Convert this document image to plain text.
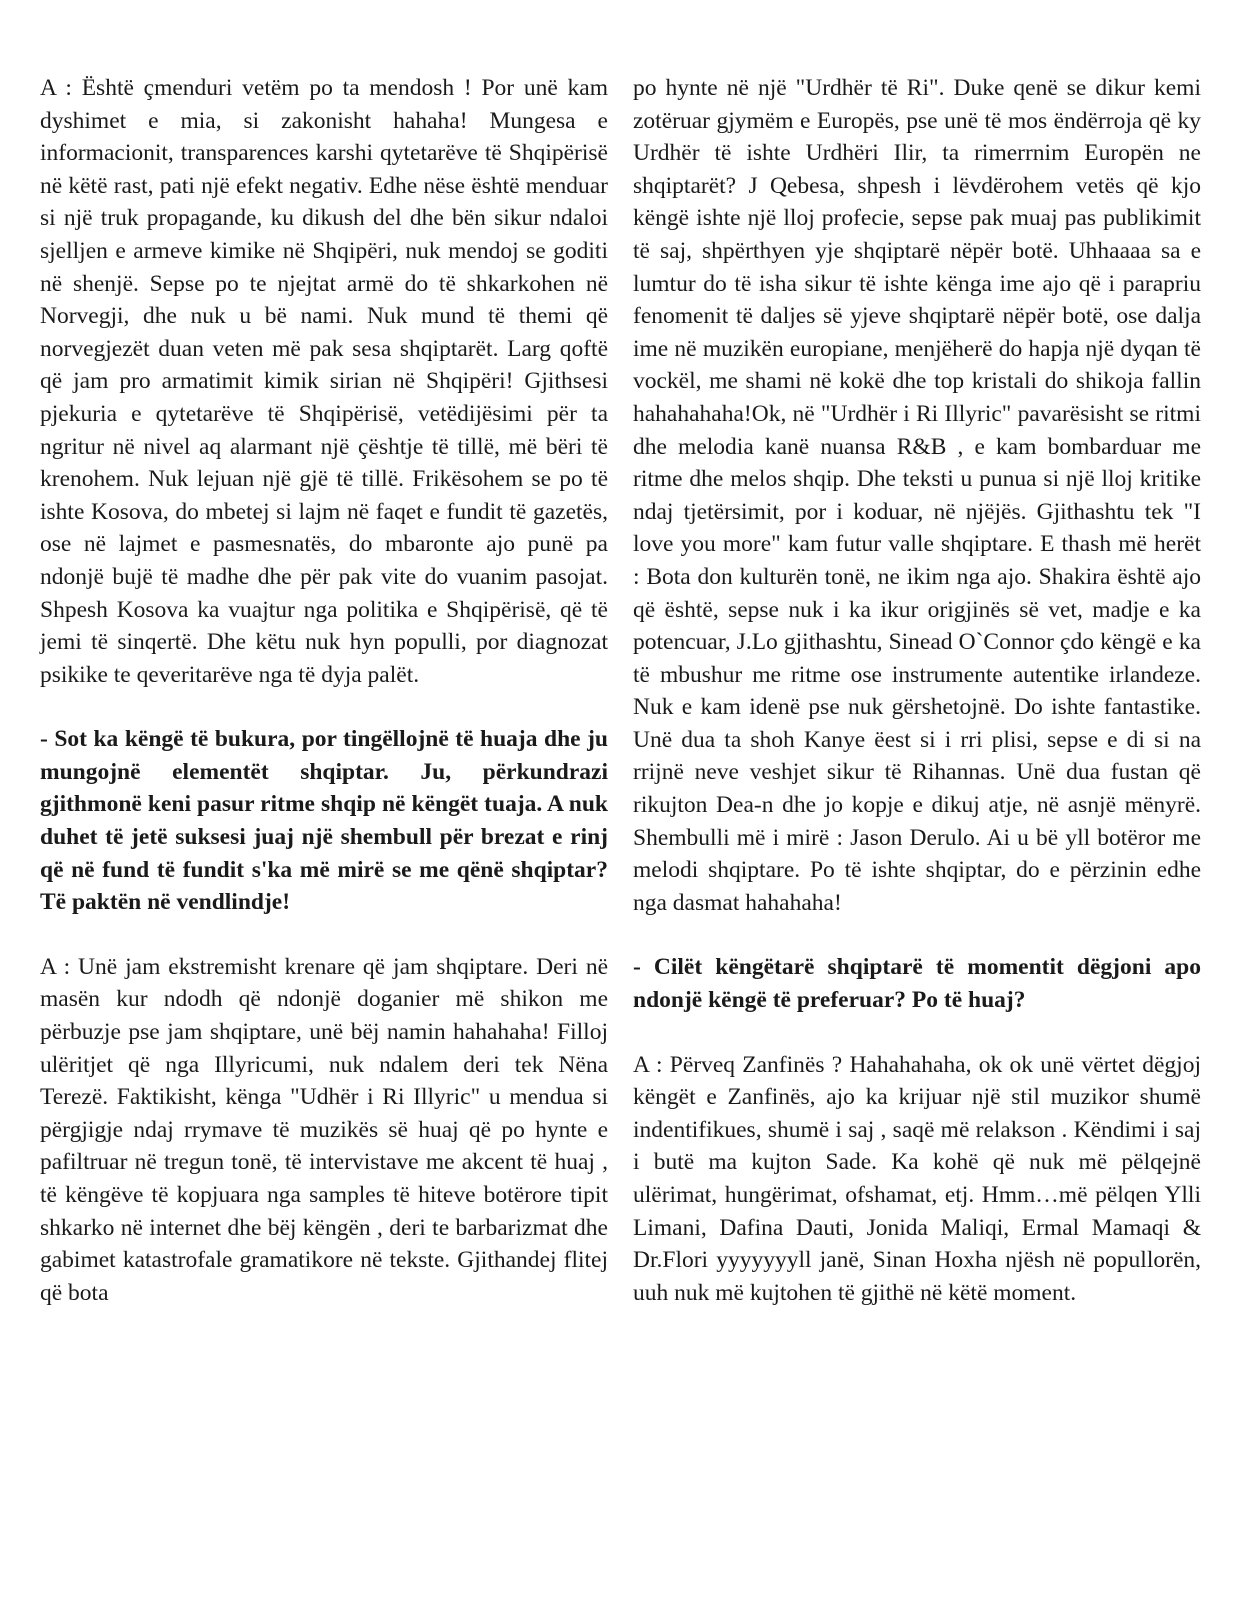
A : Është çmenduri vetëm po ta mendosh ! Por unë kam dyshimet e mia, si zakonisht hahaha! Mungesa e informacionit, transparences karshi qytetarëve të Shqipërisë në këtë rast, pati një efekt negativ. Edhe nëse është menduar si një truk propagande, ku dikush del dhe bën sikur ndaloi sjelljen e armeve kimike në Shqipëri, nuk mendoj se goditi në shenjë. Sepse po te njejtat armë do të shkarkohen në Norvegji, dhe nuk u bë nami. Nuk mund të themi që norvegjezët duan veten më pak sesa shqiptarët. Larg qoftë që jam pro armatimit kimik sirian në Shqipëri! Gjithsesi pjekuria e qytetarëve të Shqipërisë, vetëdijësimi për ta ngritur në nivel aq alarmant një çështje të tillë, më bëri të krenohem. Nuk lejuan një gjë të tillë. Frikësohem se po të ishte Kosova, do mbetej si lajm në faqet e fundit të gazetës, ose në lajmet e pasmesnatës, do mbaronte ajo punë pa ndonjë bujë të madhe dhe për pak vite do vuanim pasojat. Shpesh Kosova ka vuajtur nga politika e Shqipërisë, që të jemi të sinqertë. Dhe këtu nuk hyn populli, por diagnozat psikike te qeveritarëve nga të dyja palët.

- Sot ka këngë të bukura, por tingëllojnë të huaja dhe ju mungojnë elementët shqiptar. Ju, përkundrazi gjithmonë keni pasur ritme shqip në këngët tuaja. A nuk duhet të jetë suksesi juaj një shembull për brezat e rinj që në fund të fundit s'ka më mirë se me qënë shqiptar? Të paktën në vendlindje!

A : Unë jam ekstremisht krenare që jam shqiptare. Deri në masën kur ndodh që ndonjë doganier më shikon me përbuzje pse jam shqiptare, unë bëj namin hahahaha! Filloj ulëritjet që nga Illyricumi, nuk ndalem deri tek Nëna Terezë. Faktikisht, kënga "Udhër i Ri Illyric" u mendua si përgjigje ndaj rrymave të muzikës së huaj që po hynte e pafiltruar në tregun tonë, të intervistave me akcent të huaj , të këngëve të kopjuara nga samples të hiteve botërore tipit shkarko në internet dhe bëj këngën , deri te barbarizmat dhe gabimet katastrofale gramatikore në tekste. Gjithandej flitej që bota

po hynte në një "Urdhër të Ri". Duke qenë se dikur kemi zotëruar gjymëm e Europës, pse unë të mos ëndërroja që ky Urdhër të ishte Urdhëri Ilir, ta rimerrnim Europën ne shqiptarët? J Qebesa, shpesh i lëvdërohem vetës që kjo këngë ishte një lloj profecie, sepse pak muaj pas publikimit të saj, shpërthyen yje shqiptarë nëpër botë. Uhhaaaa sa e lumtur do të isha sikur të ishte kënga ime ajo që i parapriu fenomenit të daljes së yjeve shqiptarë nëpër botë, ose dalja ime në muzikën europiane, menjëherë do hapja një dyqan të vockël, me shami në kokë dhe top kristali do shikoja fallin hahahahaha!Ok, në "Urdhër i Ri Illyric" pavarësisht se ritmi dhe melodia kanë nuansa R&B , e kam bombarduar me ritme dhe melos shqip. Dhe teksti u punua si një lloj kritike ndaj tjetërsimit, por i koduar, në njëjës. Gjithashtu tek "I love you more" kam futur valle shqiptare. E thash më herët : Bota don kulturën tonë, ne ikim nga ajo. Shakira është ajo që është, sepse nuk i ka ikur origjinës së vet, madje e ka potencuar, J.Lo gjithashtu, Sinead O`Connor çdo këngë e ka të mbushur me ritme ose instrumente autentike irlandeze. Nuk e kam idenë pse nuk gërshetojnë. Do ishte fantastike. Unë dua ta shoh Kanye ëest si i rri plisi, sepse e di si na rrijnë neve veshjet sikur të Rihannas. Unë dua fustan që rikujton Dea-n dhe jo kopje e dikuj atje, në asnjë mënyrë. Shembulli më i mirë : Jason Derulo. Ai u bë yll botëror me melodi shqiptare. Po të ishte shqiptar, do e përzinin edhe nga dasmat hahahaha!

- Cilët këngëtarë shqiptarë të momentit dëgjoni apo ndonjë këngë të preferuar? Po të huaj?

A : Përveq Zanfinës ? Hahahahaha, ok ok unë vërtet dëgjoj këngët e Zanfinës, ajo ka krijuar një stil muzikor shumë indentifikues, shumë i saj , saqë më relakson . Këndimi i saj i butë ma kujton Sade. Ka kohë që nuk më pëlqejnë ulërimat, hungërimat, ofshamat, etj. Hmm…më pëlqen Ylli Limani, Dafina Dauti, Jonida Maliqi, Ermal Mamaqi & Dr.Flori yyyyyyyll janë, Sinan Hoxha njësh në popullorën, uuh nuk më kujtohen të gjithë në këtë moment.
